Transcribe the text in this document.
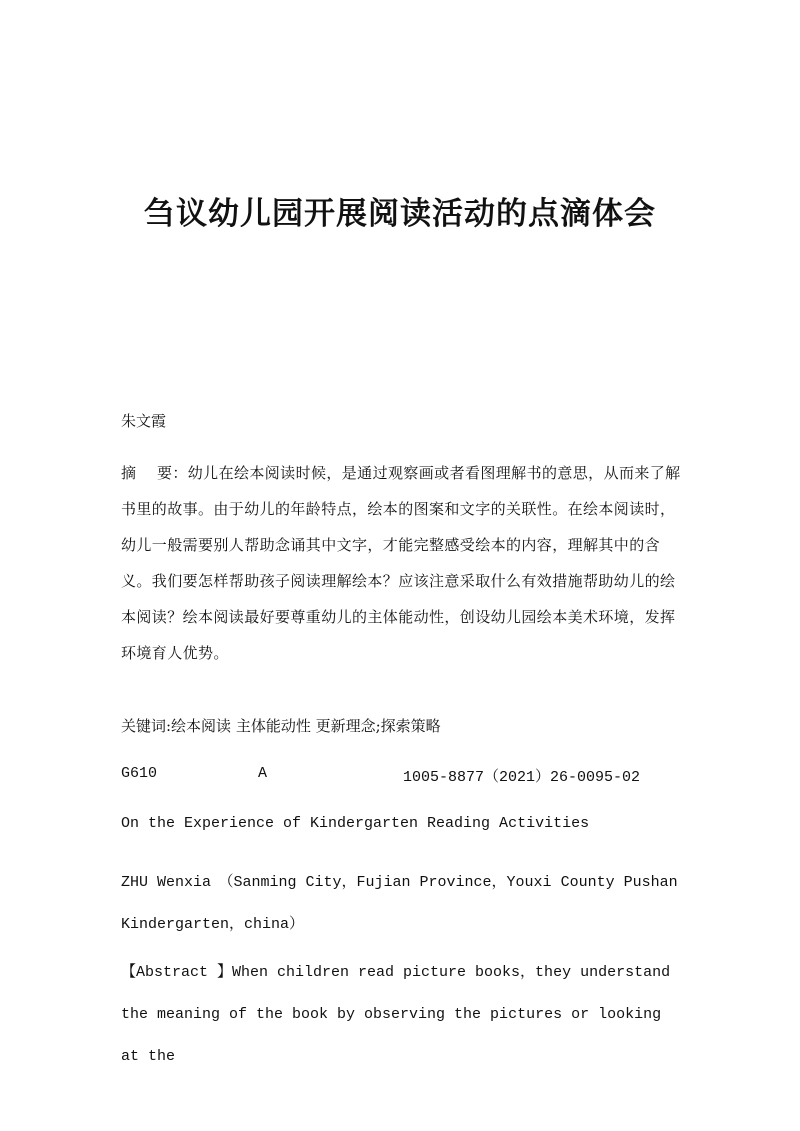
刍议幼儿园开展阅读活动的点滴体会
朱文霞
摘　 要：幼儿在绘本阅读时候，是通过观察画或者看图理解书的意思，从而来了解书里的故事。由于幼儿的年龄特点，绘本的图案和文字的关联性。在绘本阅读时，幼儿一般需要别人帮助念诵其中文字，才能完整感受绘本的内容，理解其中的含义。我们要怎样帮助孩子阅读理解绘本？应该注意采取什么有效措施帮助幼儿的绘本阅读？绘本阅读最好要尊重幼儿的主体能动性，创设幼儿园绘本美术环境，发挥环境育人优势。
关键词:绘本阅读 主体能动性 更新理念;探索策略
G610	A	1005-8877（2021）26-0095-02
On the Experience of Kindergarten Reading Activities
ZHU Wenxia　（Sanming City，Fujian Province，Youxi County Pushan Kindergarten，china）
【Abstract 】When children read picture books，they understand the meaning of the book by observing the pictures or looking at the
